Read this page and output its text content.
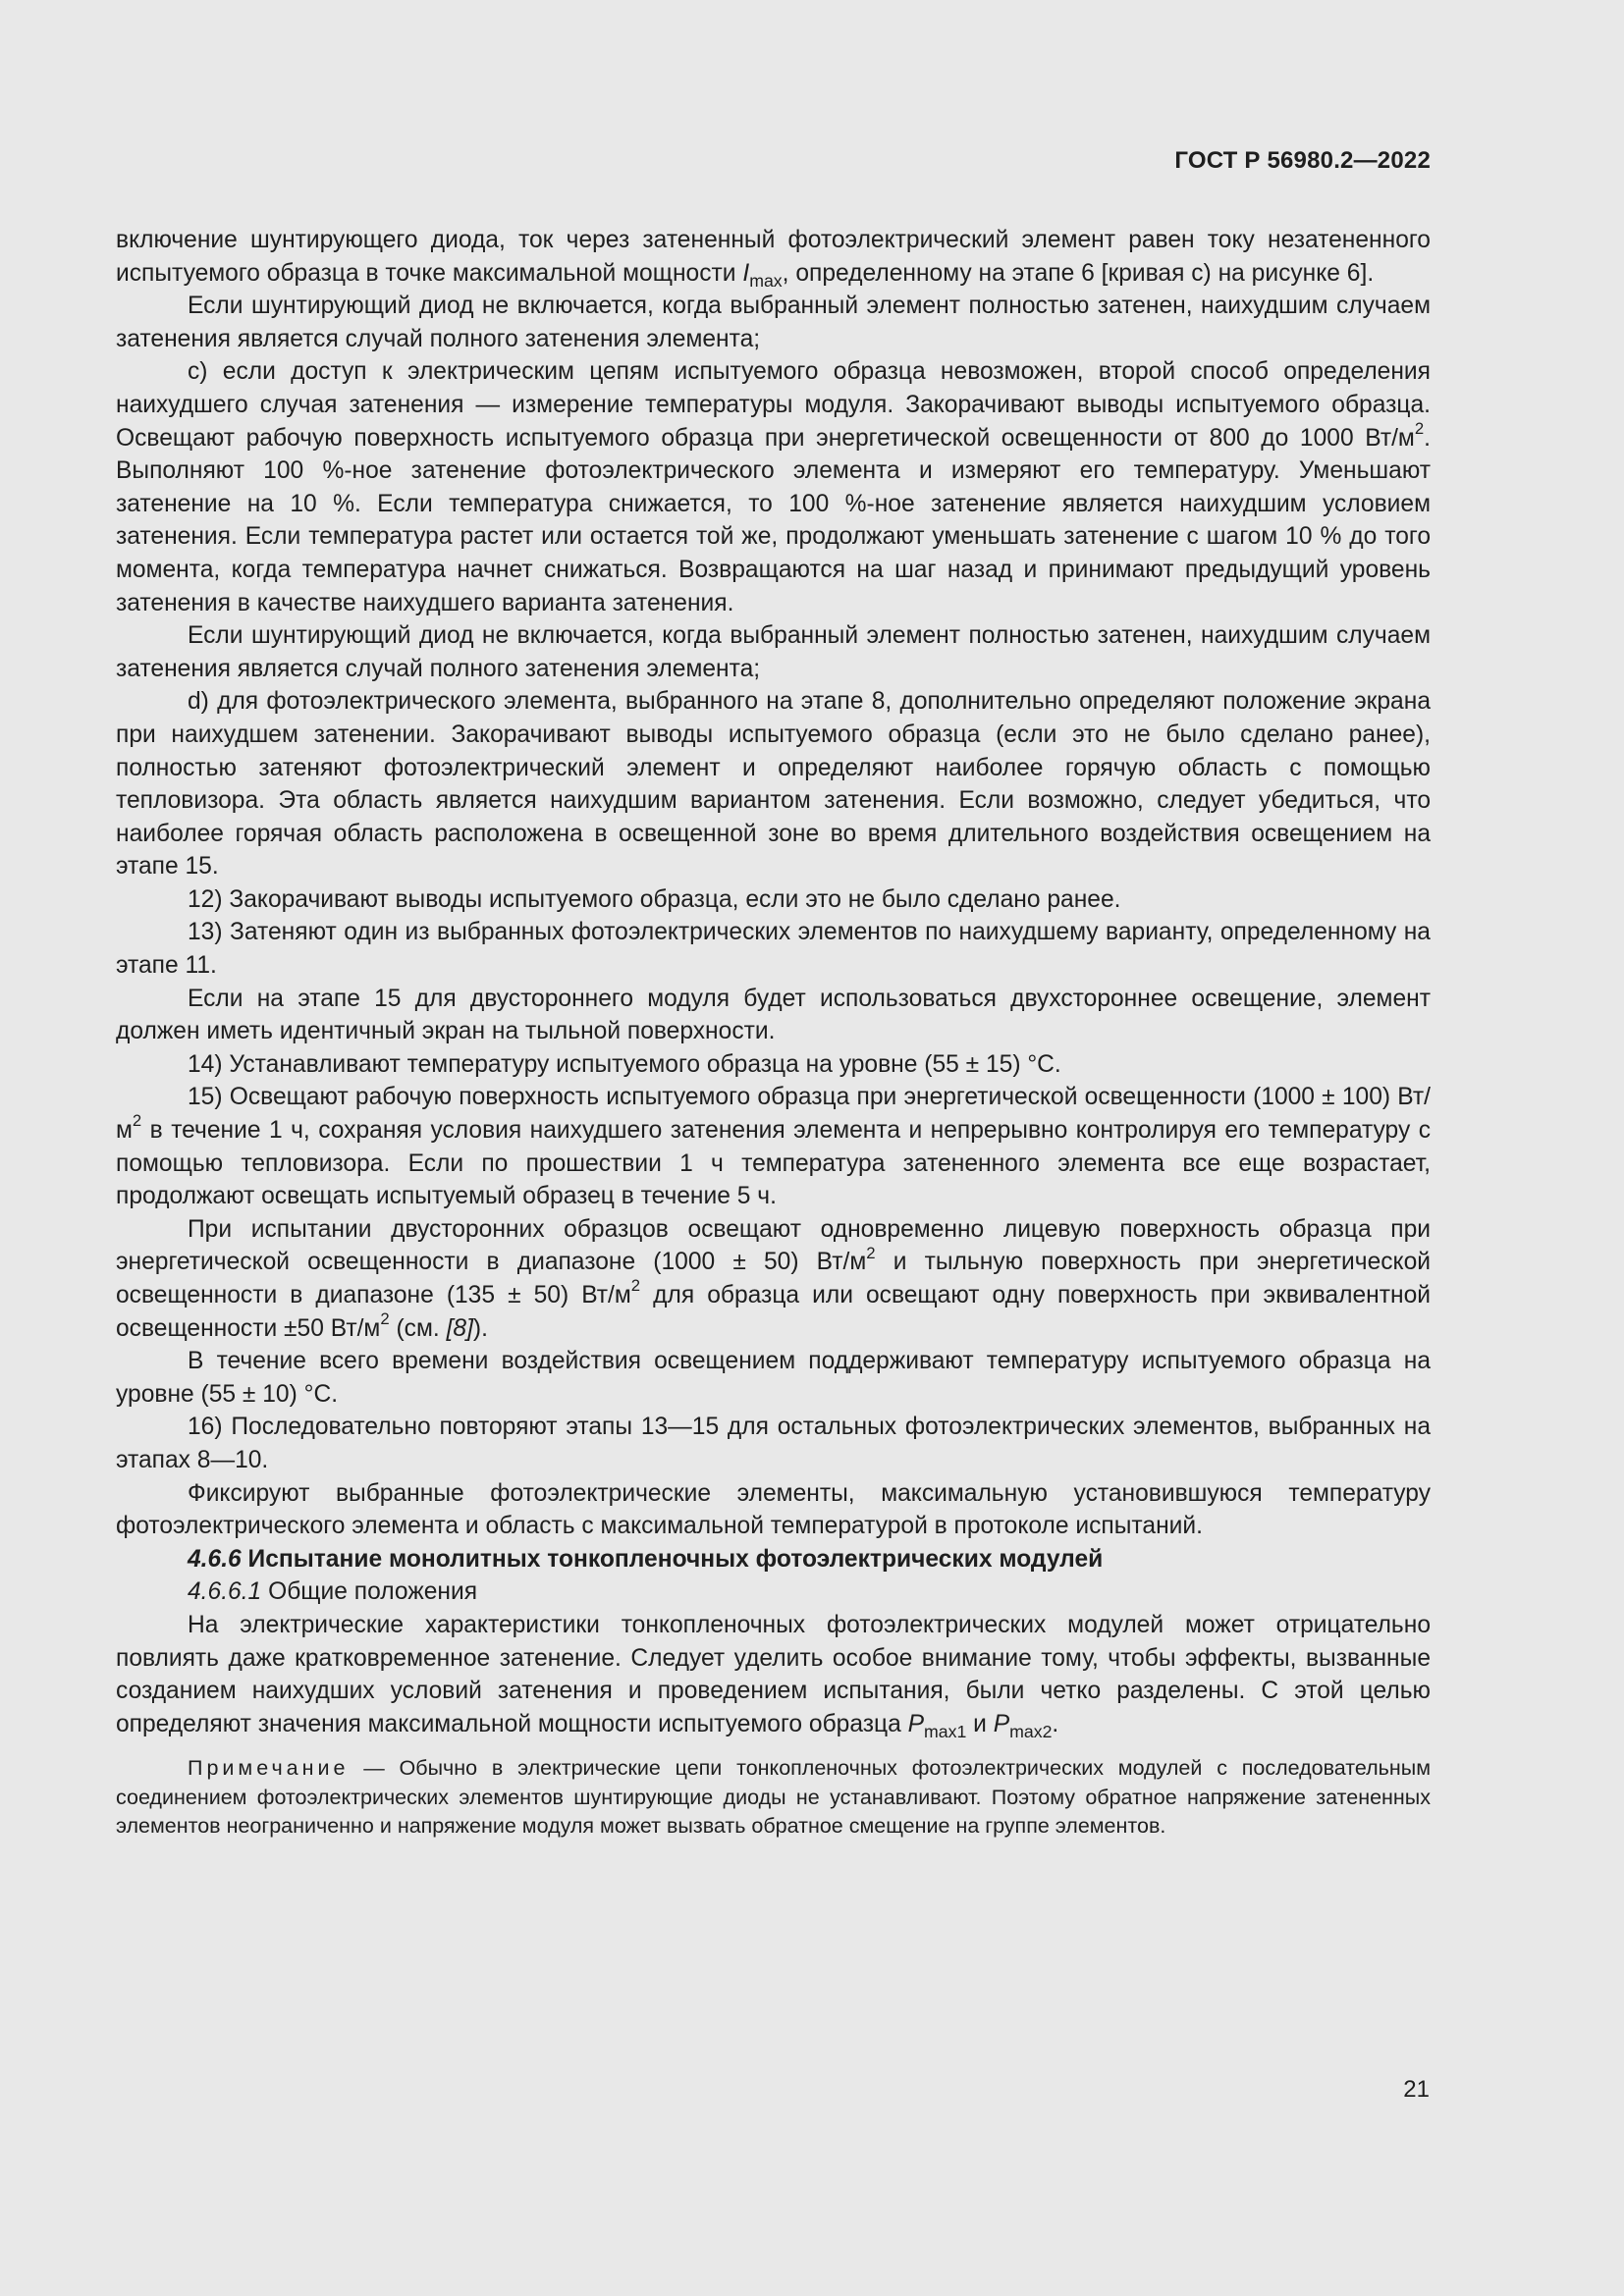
ГОСТ Р 56980.2—2022

включение шунтирующего диода, ток через затененный фотоэлектрический элемент равен току незатененного испытуемого образца в точке максимальной мощности $I_{max}$, определенному на этапе 6 [кривая с) на рисунке 6].

Если шунтирующий диод не включается, когда выбранный элемент полностью затенен, наихудшим случаем затенения является случай полного затенения элемента;

с) если доступ к электрическим цепям испытуемого образца невозможен, второй способ определения наихудшего случая затенения — измерение температуры модуля. Закорачивают выводы испытуемого образца. Освещают рабочую поверхность испытуемого образца при энергетической освещенности от 800 до 1000 $Вт/м^2$. Выполняют 100 %-ное затенение фотоэлектрического элемента и измеряют его температуру. Уменьшают затенение на 10 %. Если температура снижается, то 100 %-ное затенение является наихудшим условием затенения. Если температура растет или остается той же, продолжают уменьшать затенение с шагом 10 % до того момента, когда температура начнет снижаться. Возвращаются на шаг назад и принимают предыдущий уровень затенения в качестве наихудшего варианта затенения.

Если шунтирующий диод не включается, когда выбранный элемент полностью затенен, наихудшим случаем затенения является случай полного затенения элемента;

d) для фотоэлектрического элемента, выбранного на этапе 8, дополнительно определяют положение экрана при наихудшем затенении. Закорачивают выводы испытуемого образца (если это не было сделано ранее), полностью затеняют фотоэлектрический элемент и определяют наиболее горячую область с помощью тепловизора. Эта область является наихудшим вариантом затенения. Если возможно, следует убедиться, что наиболее горячая область расположена в освещенной зоне во время длительного воздействия освещением на этапе 15.

12) Закорачивают выводы испытуемого образца, если это не было сделано ранее.

13) Затеняют один из выбранных фотоэлектрических элементов по наихудшему варианту, определенному на этапе 11.

Если на этапе 15 для двустороннего модуля будет использоваться двухстороннее освещение, элемент должен иметь идентичный экран на тыльной поверхности.

14) Устанавливают температуру испытуемого образца на уровне (55 ± 15) °С.

15) Освещают рабочую поверхность испытуемого образца при энергетической освещенности (1000 ± 100) $Вт/м^2$ в течение 1 ч, сохраняя условия наихудшего затенения элемента и непрерывно контролируя его температуру с помощью тепловизора. Если по прошествии 1 ч температура затененного элемента все еще возрастает, продолжают освещать испытуемый образец в течение 5 ч.

При испытании двусторонних образцов освещают одновременно лицевую поверхность образца при энергетической освещенности в диапазоне (1000 ± 50) $Вт/м^2$ и тыльную поверхность при энергетической освещенности в диапазоне (135 ± 50) $Вт/м^2$ для образца или освещают одну поверхность при эквивалентной освещенности ±50 $Вт/м^2$ (см. [8]).

В течение всего времени воздействия освещением поддерживают температуру испытуемого образца на уровне (55 ± 10) °С.

16) Последовательно повторяют этапы 13—15 для остальных фотоэлектрических элементов, выбранных на этапах 8—10.

Фиксируют выбранные фотоэлектрические элементы, максимальную установившуюся температуру фотоэлектрического элемента и область с максимальной температурой в протоколе испытаний.

4.6.6 Испытание монолитных тонкопленочных фотоэлектрических модулей

4.6.6.1 Общие положения

На электрические характеристики тонкопленочных фотоэлектрических модулей может отрицательно повлиять даже кратковременное затенение. Следует уделить особое внимание тому, чтобы эффекты, вызванные созданием наихудших условий затенения и проведением испытания, были четко разделены. С этой целью определяют значения максимальной мощности испытуемого образца $P_{max1}$ и $P_{max2}$.

Примечание — Обычно в электрические цепи тонкопленочных фотоэлектрических модулей с последовательным соединением фотоэлектрических элементов шунтирующие диоды не устанавливают. Поэтому обратное напряжение затененных элементов неограниченно и напряжение модуля может вызвать обратное смещение на группе элементов.

21
